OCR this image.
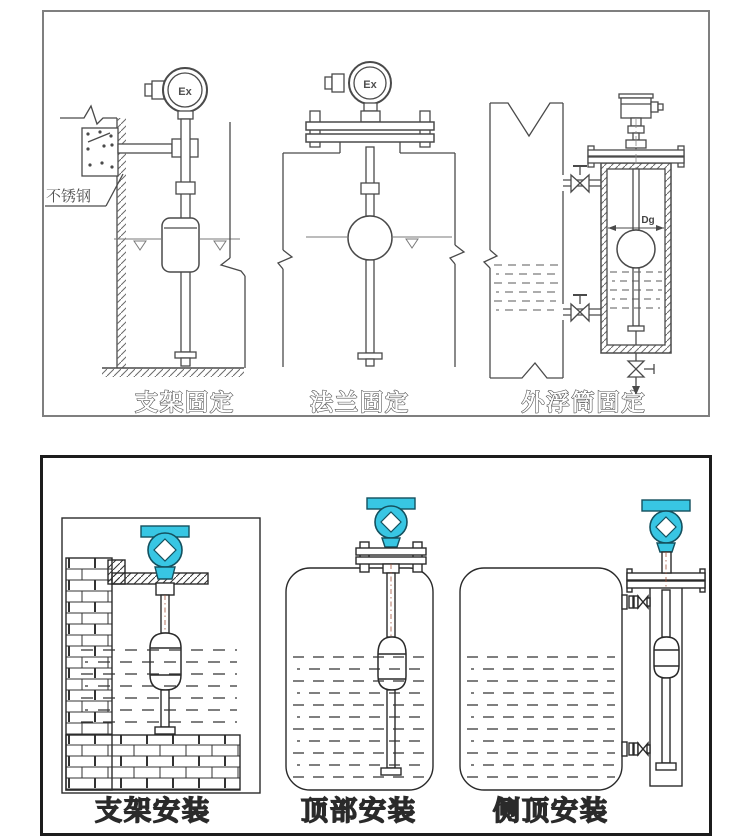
不锈钢
Ex
支架固定
Ex
法兰固定
Dg
外浮筒固定
支架安装	顶部安装	侧顶安装
